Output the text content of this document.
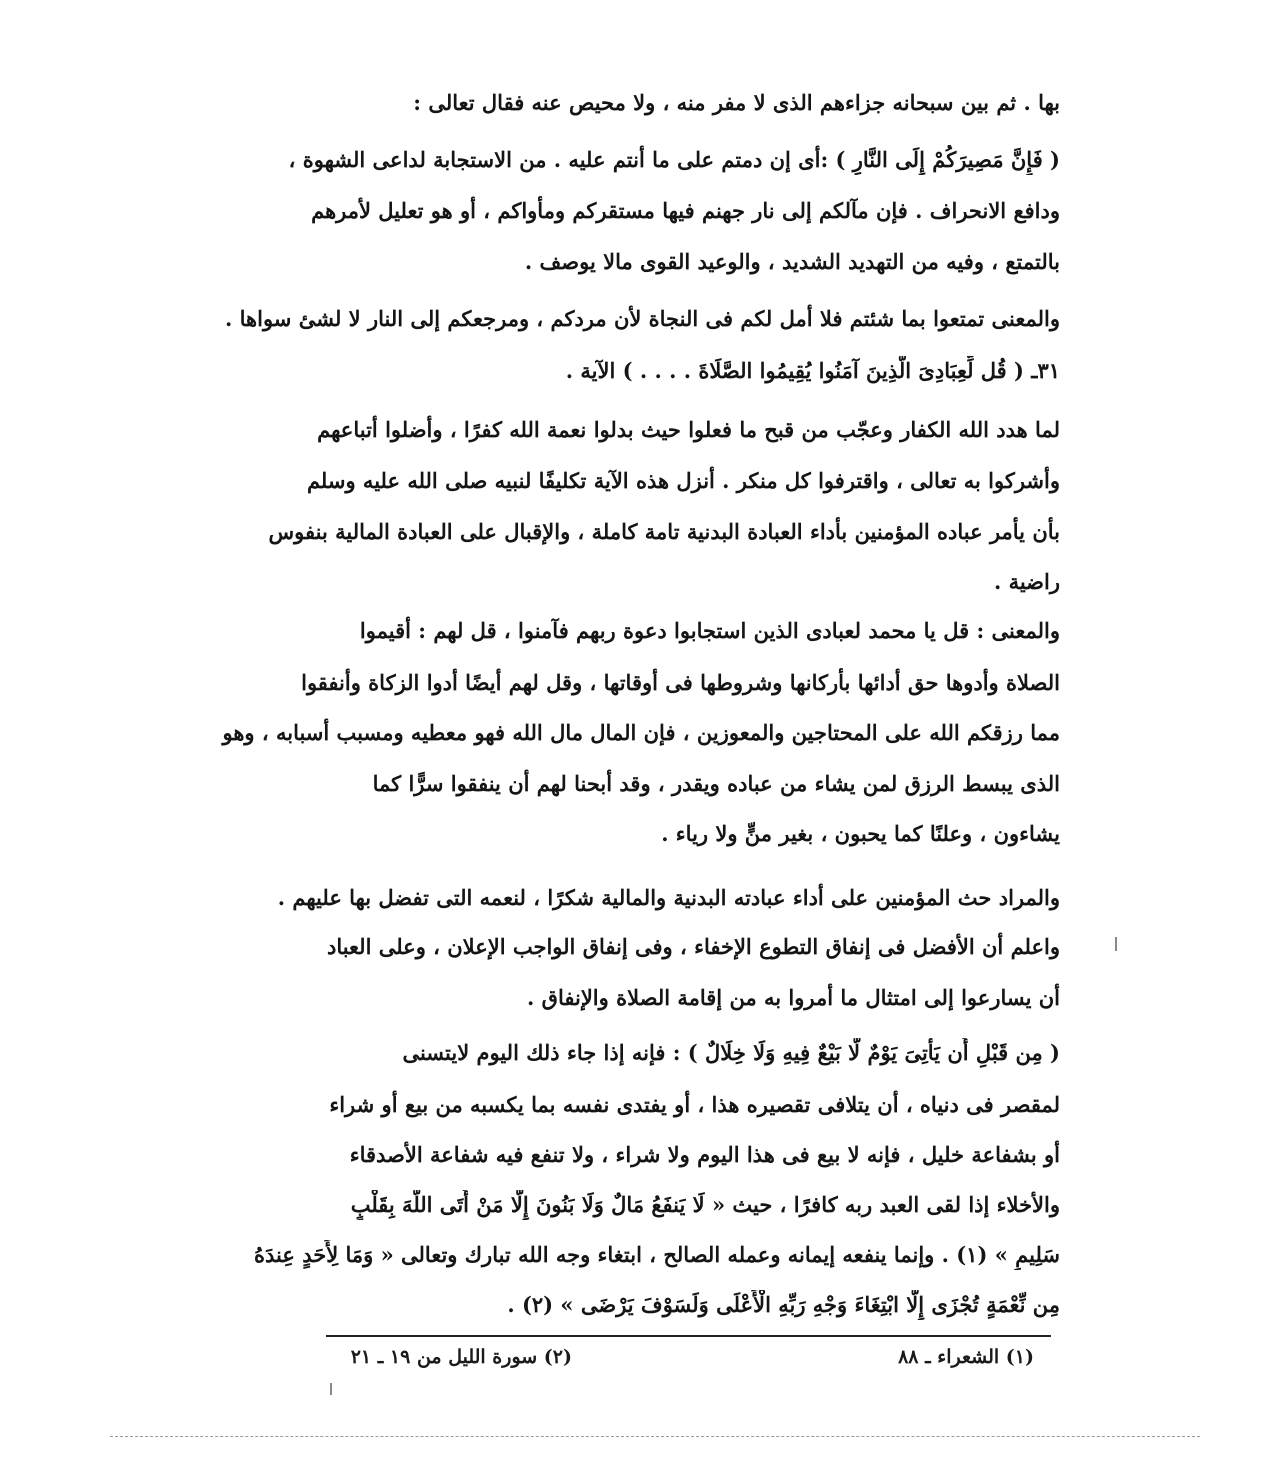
بها . ثم بين سبحانه جزاءهم الذى لا مفر منه ، ولا محيص عنه فقال تعالى :
( فَإِنَّ مَصِيرَكُمْ إِلَى النَّارِ ) :أى إن دمتم على ما أنتم عليه . من الاستجابة لداعى الشهوة ،
ودافع الانحراف . فإن مآلكم إلى نار جهنم فيها مستقركم ومأواكم ، أو هو تعليل لأمرهم
بالتمتع ، وفيه من التهديد الشديد ، والوعيد القوى مالا يوصف .
والمعنى تمتعوا بما شئتم فلا أمل لكم فى النجاة لأن مردكم ، ومرجعكم إلى النار لا لشئ سواها .
٣١ـ ( قُل لِّعِبَادِىَ الَّذِينَ آمَنُوا يُقِيمُوا الصَّلَاةَ . . . . ) الآية .
لما هدد الله الكفار وعجّب من قبح ما فعلوا حيث بدلوا نعمة الله كفرًا ، وأضلوا أتباعهم
وأشركوا به تعالى ، واقترفوا كل منكر . أنزل هذه الآية تكليفًا لنبيه صلى الله عليه وسلم
بأن يأمر عباده المؤمنين بأداء العبادة البدنية تامة كاملة ، والإقبال على العبادة المالية بنفوس
راضية .
والمعنى : قل يا محمد لعبادى الذين استجابوا دعوة ربهم فآمنوا ، قل لهم : أقيموا
الصلاة وأدوها حق أدائها بأركانها وشروطها فى أوقاتها ، وقل لهم أيضًا أدوا الزكاة وأنفقوا
مما رزقكم الله على المحتاجين والمعوزين ، فإن المال مال الله فهو معطيه ومسبب أسبابه ، وهو
الذى يبسط الرزق لمن يشاء من عباده ويقدر ، وقد أبحنا لهم أن ينفقوا سرًّا كما
يشاءون ، وعلنًا كما يحبون ، بغير منٍّ ولا رياء .
والمراد حث المؤمنين على أداء عبادته البدنية والمالية شكرًا ، لنعمه التى تفضل بها عليهم .
واعلم أن الأفضل فى إنفاق التطوع الإخفاء ، وفى إنفاق الواجب الإعلان ، وعلى العباد
أن يسارعوا إلى امتثال ما أمروا به من إقامة الصلاة والإنفاق .
( مِن قَبْلِ أَن يَأْتِىَ يَوْمٌ لَّا بَيْعٌ فِيهِ وَلَا خِلَالٌ ) : فإنه إذا جاء ذلك اليوم لايتسنى
لمقصر فى دنياه ، أن يتلافى تقصيره هذا ، أو يفتدى نفسه بما يكسبه من بيع أو شراء
أو بشفاعة خليل ، فإنه لا بيع فى هذا اليوم ولا شراء ، ولا تنفع فيه شفاعة الأصدقاء
والأخلاء إذا لقى العبد ربه كافرًا ، حيث « لَا يَنفَعُ مَالٌ وَلَا بَنُونَ إِلَّا مَنْ أَتَى اللَّهَ بِقَلْبٍ
سَلِيمٍ » (١) . وإنما ينفعه إيمانه وعمله الصالح ، ابتغاء وجه الله تبارك وتعالى « وَمَا لِأَحَدٍ عِندَهُ
مِن نِّعْمَةٍ تُجْزَى إِلَّا ابْتِغَاءَ وَجْهِ رَبِّهِ الْأَعْلَى وَلَسَوْفَ يَرْضَى » (٢) .
(١) الشعراء ـ ٨٨
(٢) سورة الليل من ١٩ ـ ٢١
